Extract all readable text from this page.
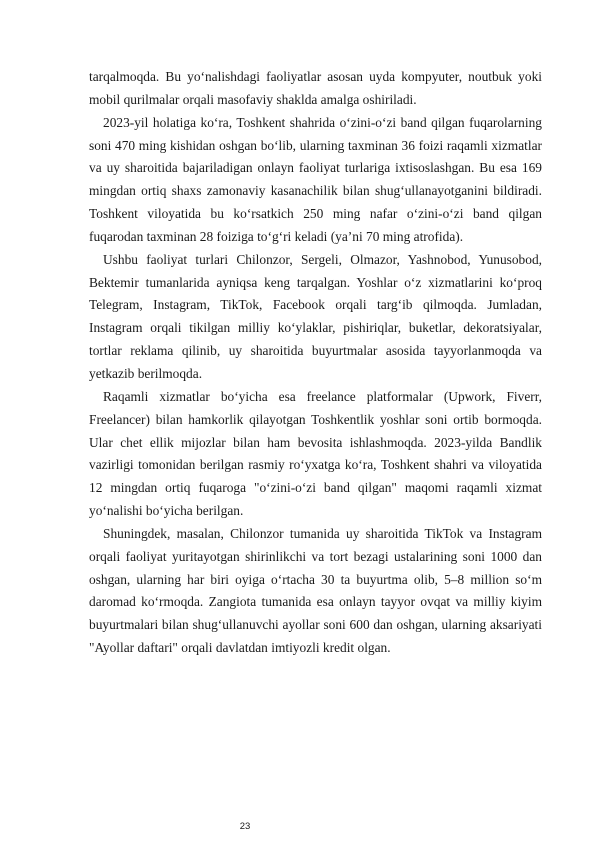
tarqalmoqda. Bu yo‘nalishdagi faoliyatlar asosan uyda kompyuter, noutbuk yoki mobil qurilmalar orqali masofaviy shaklda amalga oshiriladi.

2023-yil holatiga ko‘ra, Toshkent shahrida o‘zini-o‘zi band qilgan fuqarolarning soni 470 ming kishidan oshgan bo‘lib, ularning taxminan 36 foizi raqamli xizmatlar va uy sharoitida bajariladigan onlayn faoliyat turlariga ixtisoslashgan. Bu esa 169 mingdan ortiq shaxs zamonaviy kasanachilik bilan shug‘ullanayotganini bildiradi. Toshkent viloyatida bu ko‘rsatkich 250 ming nafar o‘zini-o‘zi band qilgan fuqarodan taxminan 28 foiziga to‘g‘ri keladi (ya’ni 70 ming atrofida).

Ushbu faoliyat turlari Chilonzor, Sergeli, Olmazor, Yashnobod, Yunusobod, Bektemir tumanlarida ayniqsa keng tarqalgan. Yoshlar o‘z xizmatlarini ko‘proq Telegram, Instagram, TikTok, Facebook orqali targ‘ib qilmoqda. Jumladan, Instagram orqali tikilgan milliy ko‘ylaklar, pishiriqlar, buketlar, dekoratsiyalar, tortlar reklama qilinib, uy sharoitida buyurtmalar asosida tayyorlanmoqda va yetkazib berilmoqda.

Raqamli xizmatlar bo‘yicha esa freelance platformalar (Upwork, Fiverr, Freelancer) bilan hamkorlik qilayotgan Toshkentlik yoshlar soni ortib bormoqda. Ular chet ellik mijozlar bilan ham bevosita ishlashmoqda. 2023-yilda Bandlik vazirligi tomonidan berilgan rasmiy ro‘yxatga ko‘ra, Toshkent shahri va viloyatida 12 mingdan ortiq fuqaroga "o‘zini-o‘zi band qilgan" maqomi raqamli xizmat yo‘nalishi bo‘yicha berilgan.

Shuningdek, masalan, Chilonzor tumanida uy sharoitida TikTok va Instagram orqali faoliyat yuritayotgan shirinlikchi va tort bezagi ustalarining soni 1000 dan oshgan, ularning har biri oyiga o‘rtacha 30 ta buyurtma olib, 5–8 million so‘m daromad ko‘rmoqda. Zangiota tumanida esa onlayn tayyor ovqat va milliy kiyim buyurtmalari bilan shug‘ullanuvchi ayollar soni 600 dan oshgan, ularning aksariyati "Ayollar daftari" orqali davlatdan imtiyozli kredit olgan.

23
